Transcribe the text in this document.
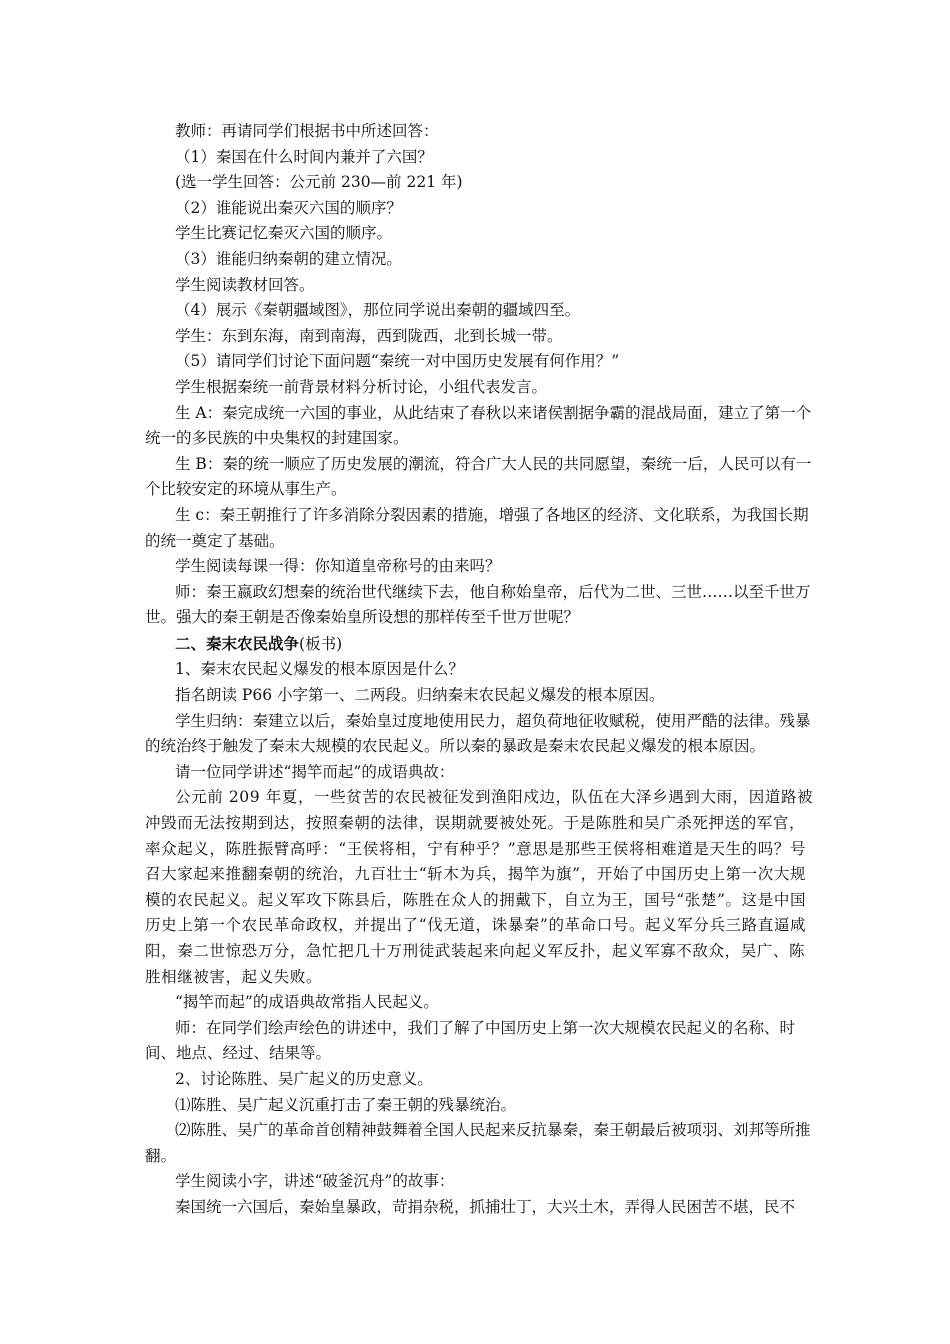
教师：再请同学们根据书中所述回答：

（1）秦国在什么时间内兼并了六国？

(选一学生回答：公元前 230—前 221 年)

（2）谁能说出秦灭六国的顺序？

学生比赛记忆秦灭六国的顺序。

（3）谁能归纳秦朝的建立情况。

学生阅读教材回答。

（4）展示《秦朝疆域图》，那位同学说出秦朝的疆域四至。

学生：东到东海，南到南海，西到陇西，北到长城一带。

（5）请同学们讨论下面问题“秦统一对中国历史发展有何作用？”

学生根据秦统一前背景材料分析讨论，小组代表发言。

生 A：秦完成统一六国的事业，从此结束了春秋以来诸侯割据争霸的混战局面，建立了第一个统一的多民族的中央集权的封建国家。

生 B：秦的统一顺应了历史发展的潮流，符合广大人民的共同愿望，秦统一后，人民可以有一个比较安定的环境从事生产。

生 c：秦王朝推行了许多消除分裂因素的措施，增强了各地区的经济、文化联系，为我国长期的统一奠定了基础。

学生阅读每课一得：你知道皇帝称号的由来吗？

师：秦王嬴政幻想秦的统治世代继续下去，他自称始皇帝，后代为二世、三世……以至千世万世。强大的秦王朝是否像秦始皇所设想的那样传至千世万世呢？

二、秦末农民战争(板书)

1、秦末农民起义爆发的根本原因是什么？

指名朗读 P66 小字第一、二两段。归纳秦末农民起义爆发的根本原因。

学生归纳：秦建立以后，秦始皇过度地使用民力，超负荷地征收赋税，使用严酷的法律。残暴的统治终于触发了秦末大规模的农民起义。所以秦的暴政是秦末农民起义爆发的根本原因。

请一位同学讲述“揭竿而起”的成语典故：

公元前 209 年夏，一些贫苦的农民被征发到渔阳戍边，队伍在大泽乡遇到大雨，因道路被冲毁而无法按期到达，按照秦朝的法律，误期就要被处死。于是陈胜和吴广杀死押送的军官，率众起义，陈胜振臂高呼：“王侯将相，宁有种乎？”意思是那些王侯将相难道是天生的吗？号召大家起来推翻秦朝的统治，九百壮士“斩木为兵，揭竿为旗”，开始了中国历史上第一次大规模的农民起义。起义军攻下陈县后，陈胜在众人的拥戴下，自立为王，国号“张楚”。这是中国历史上第一个农民革命政权，并提出了“伐无道，诛暴秦”的革命口号。起义军分兵三路直逼咸阳，秦二世惊恐万分，急忙把几十万刑徒武装起来向起义军反扑，起义军寡不敌众，吴广、陈胜相继被害，起义失败。

“揭竿而起”的成语典故常指人民起义。

师：在同学们绘声绘色的讲述中，我们了解了中国历史上第一次大规模农民起义的名称、时间、地点、经过、结果等。

2、讨论陈胜、吴广起义的历史意义。

⑴陈胜、吴广起义沉重打击了秦王朝的残暴统治。

⑵陈胜、吴广的革命首创精神鼓舞着全国人民起来反抗暴秦，秦王朝最后被项羽、刘邦等所推翻。

学生阅读小字，讲述“破釜沉舟”的故事：

秦国统一六国后，秦始皇暴政，苛捐杂税，抓捕壮丁，大兴土木，弄得人民困苦不堪，民不
